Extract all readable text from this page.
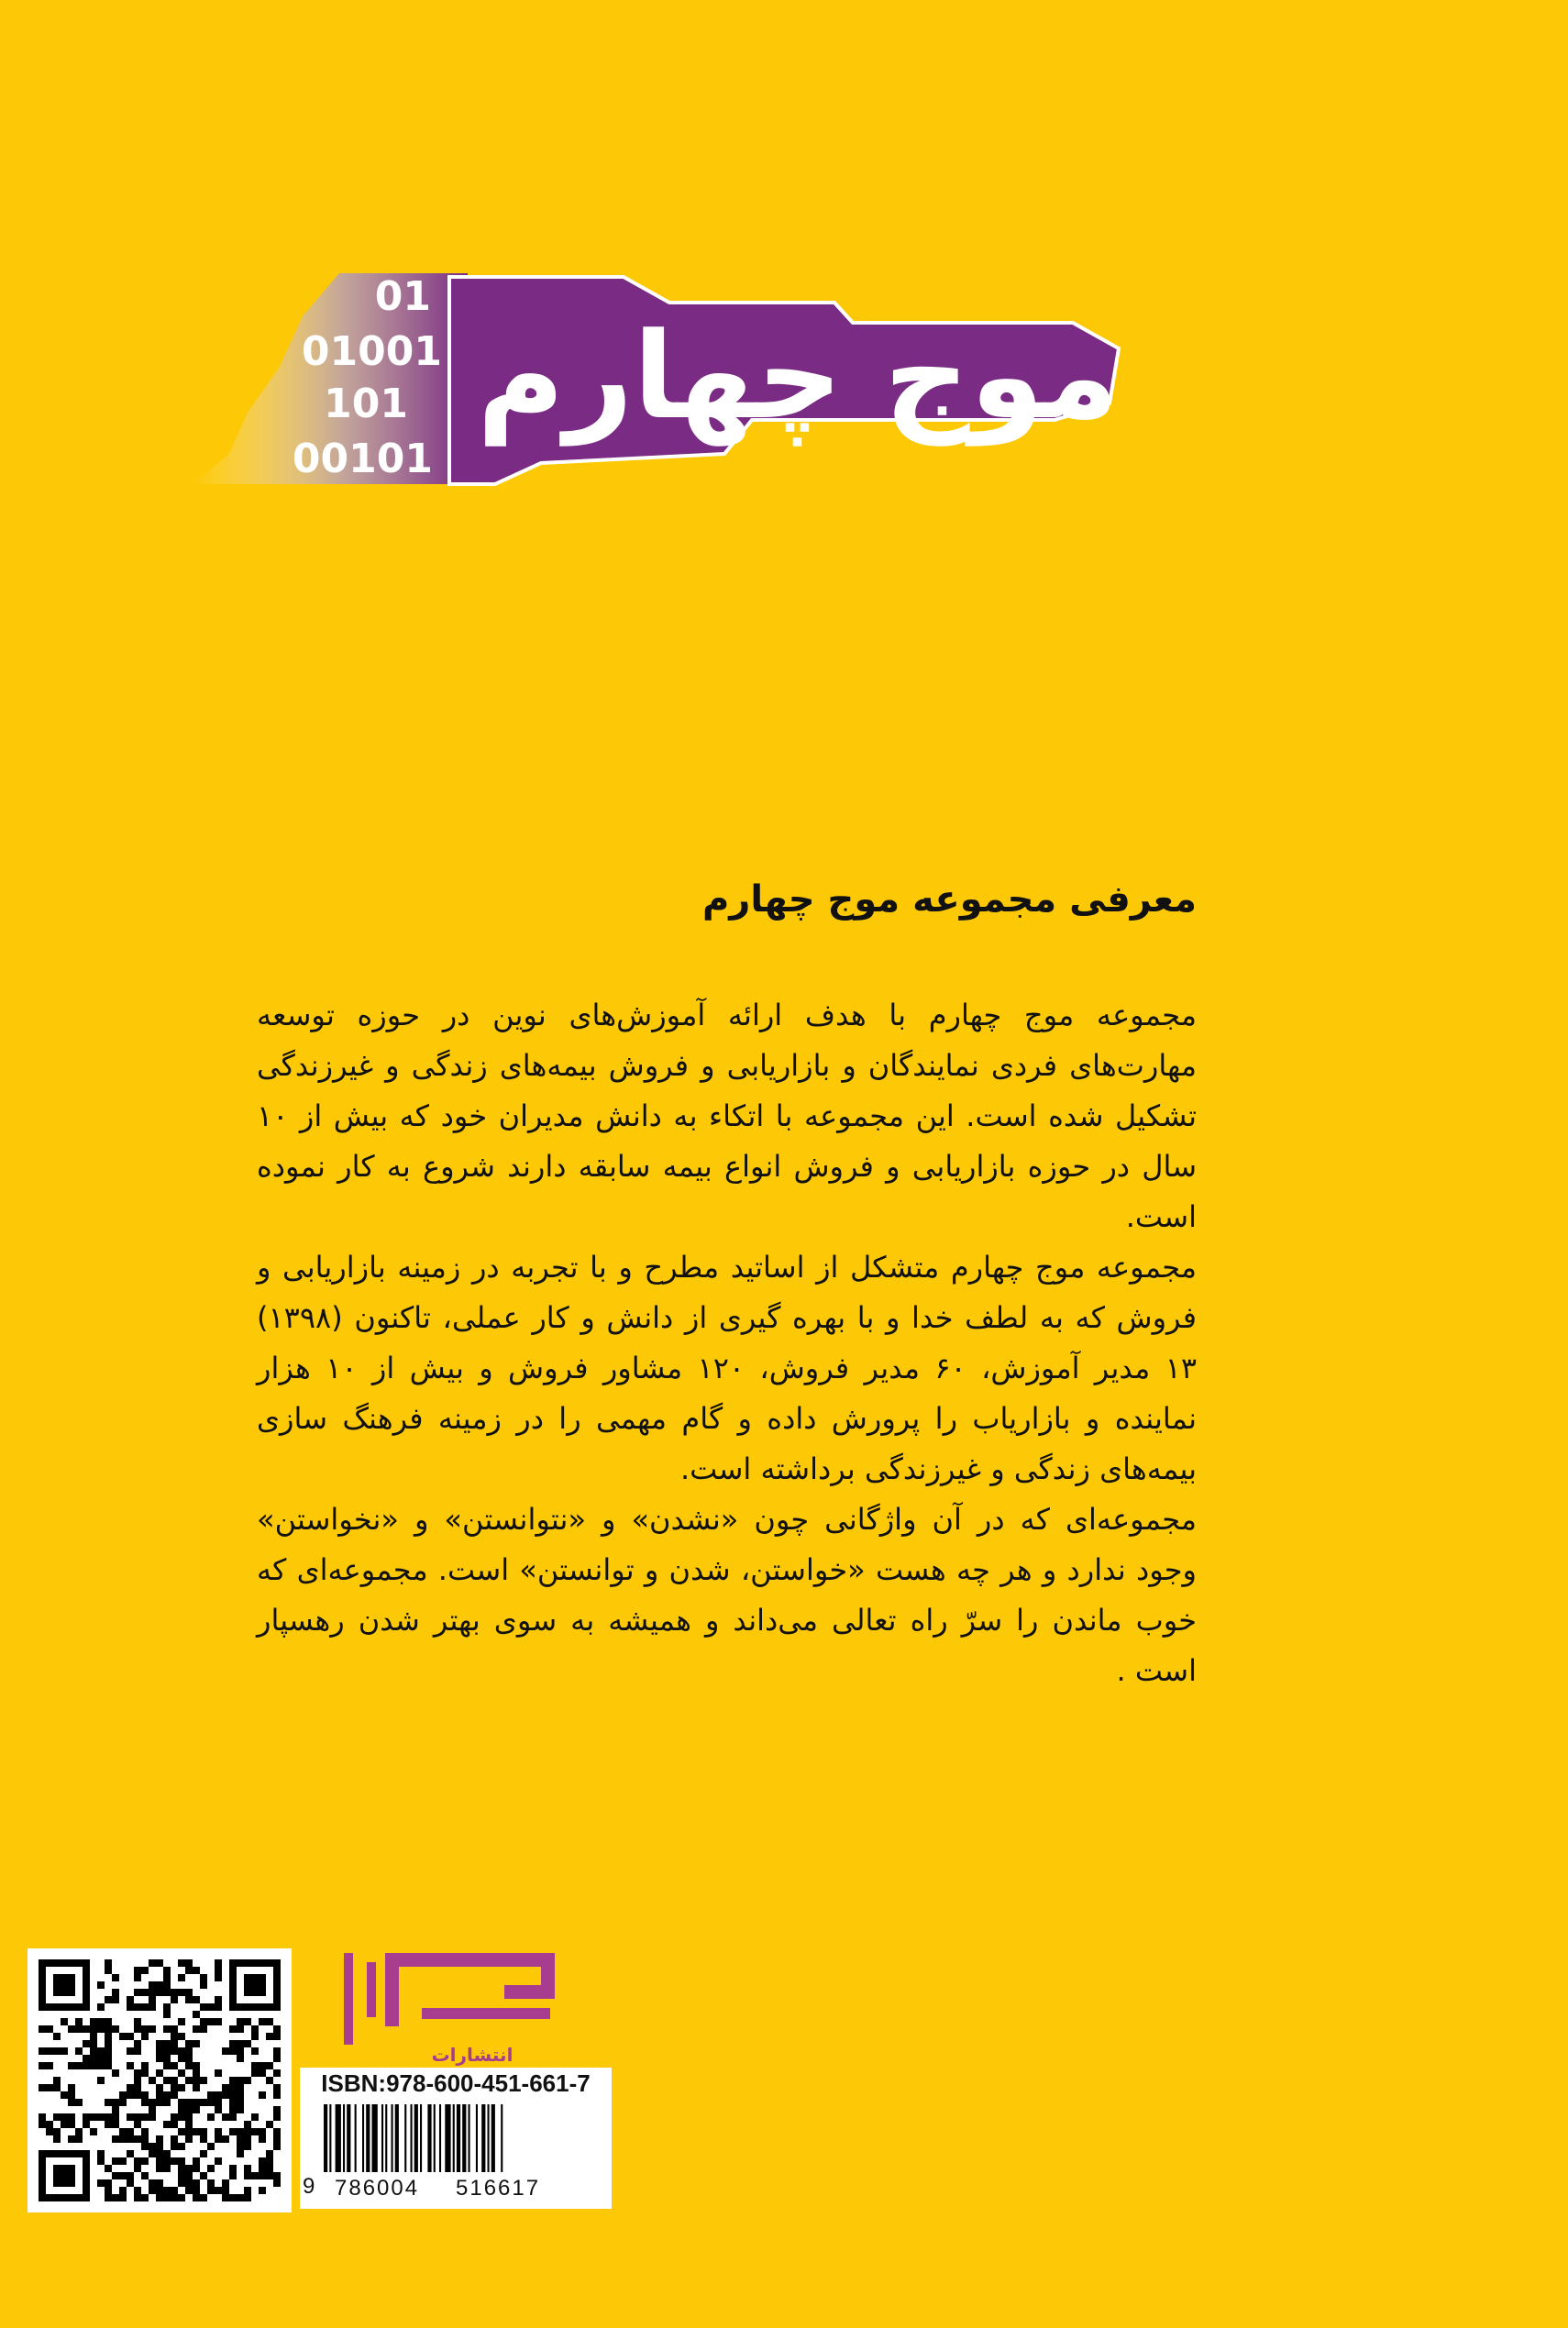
01
01001
101
00101
موج چهارم
معرفی مجموعه موج چهارم

مجموعه موج چهارم با هدف ارائه آموزش‌های نوین در حوزه توسعه مهارت‌های فردی نمایندگان و بازاریابی و فروش بیمه‌های زندگی و غیرزندگی تشکیل شده است. این مجموعه با اتکاء به دانش مدیران خود که بیش از ۱۰ سال در حوزه بازاریابی و فروش انواع بیمه سابقه دارند شروع به کار نموده است.

مجموعه موج چهارم متشکل از اساتید مطرح و با تجربه در زمینه بازاریابی و فروش که به لطف خدا و با بهره گیری از دانش و کار عملی، تاکنون (۱۳۹۸) ۱۳ مدیر آموزش، ۶۰ مدیر فروش، ۱۲۰ مشاور فروش و بیش از ۱۰ هزار نماینده و بازاریاب را پرورش داده و گام مهمی را در زمینه فرهنگ سازی بیمه‌های زندگی و غیرزندگی برداشته است.

مجموعه‌ای که در آن واژگانی چون «نشدن» و «نتوانستن» و «نخواستن» وجود ندارد و هر چه هست «خواستن، شدن و توانستن» است. مجموعه‌ای که خوب ماندن را سرّ راه تعالی می‌داند و همیشه به سوی بهتر شدن رهسپار است .

انتشارات
ISBN:978-600-451-661-7
9 786004 516617
